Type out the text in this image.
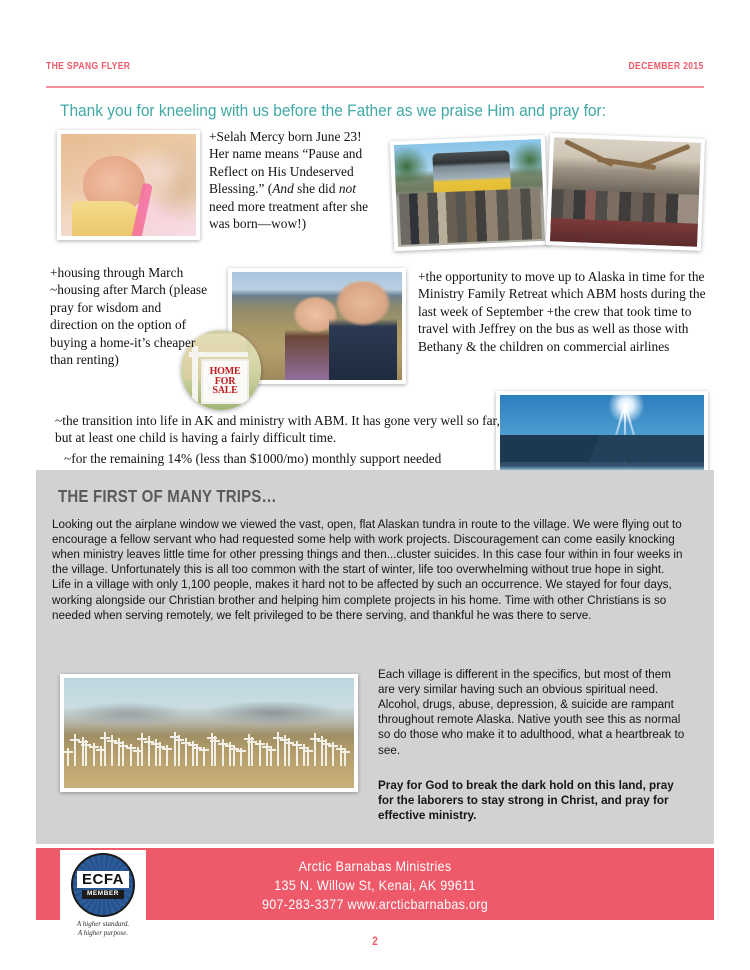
THE SPANG FLYER	DECEMBER 2015
Thank you for kneeling with us before the Father as we praise Him and pray for:
HOME
FOR
SALE
+Selah Mercy born June 23! Her name means “Pause and Reflect on His Undeserved Blessing.” (And she did not need more treatment after she was born—wow!)
+housing through March ~housing after March (please pray for wisdom and direction on the option of buying a home-it’s cheaper than renting)
+the opportunity to move up to Alaska in time for the Ministry Family Retreat which ABM hosts during the last week of September +the crew that took time to travel with Jeffrey on the bus as well as those with Bethany & the children on commercial airlines
~the transition into life in AK and ministry with ABM. It has gone very well so far, but at least one child is having a fairly difficult time.
~for the remaining 14% (less than $1000/mo) monthly support needed
THE FIRST OF MANY TRIPS…
Looking out the airplane window we viewed the vast, open, flat Alaskan tundra in route to the village. We were flying out to encourage a fellow servant who had requested some help with work projects. Discouragement can come easily knocking when ministry leaves little time for other pressing things and then...cluster suicides. In this case four within in four weeks in the village. Unfortunately this is all too common with the start of winter, life too overwhelming without true hope in sight. Life in a village with only 1,100 people, makes it hard not to be affected by such an occurrence. We stayed for four days, working alongside our Christian brother and helping him complete projects in his home. Time with other Christians is so needed when serving remotely, we felt privileged to be there serving, and thankful he was there to serve.
Each village is different in the specifics, but most of them are very similar having such an obvious spiritual need. Alcohol, drugs, abuse, depression, & suicide are rampant throughout remote Alaska. Native youth see this as normal so do those who make it to adulthood, what a heartbreak to see.
Pray for God to break the dark hold on this land, pray for the laborers to stay strong in Christ, and pray for effective ministry.
Arctic Barnabas Ministries
135 N. Willow St, Kenai, AK 99611
907-283-3377 www.arcticbarnabas.org
ECFA
MEMBER
A higher standard.
A higher purpose.
2
